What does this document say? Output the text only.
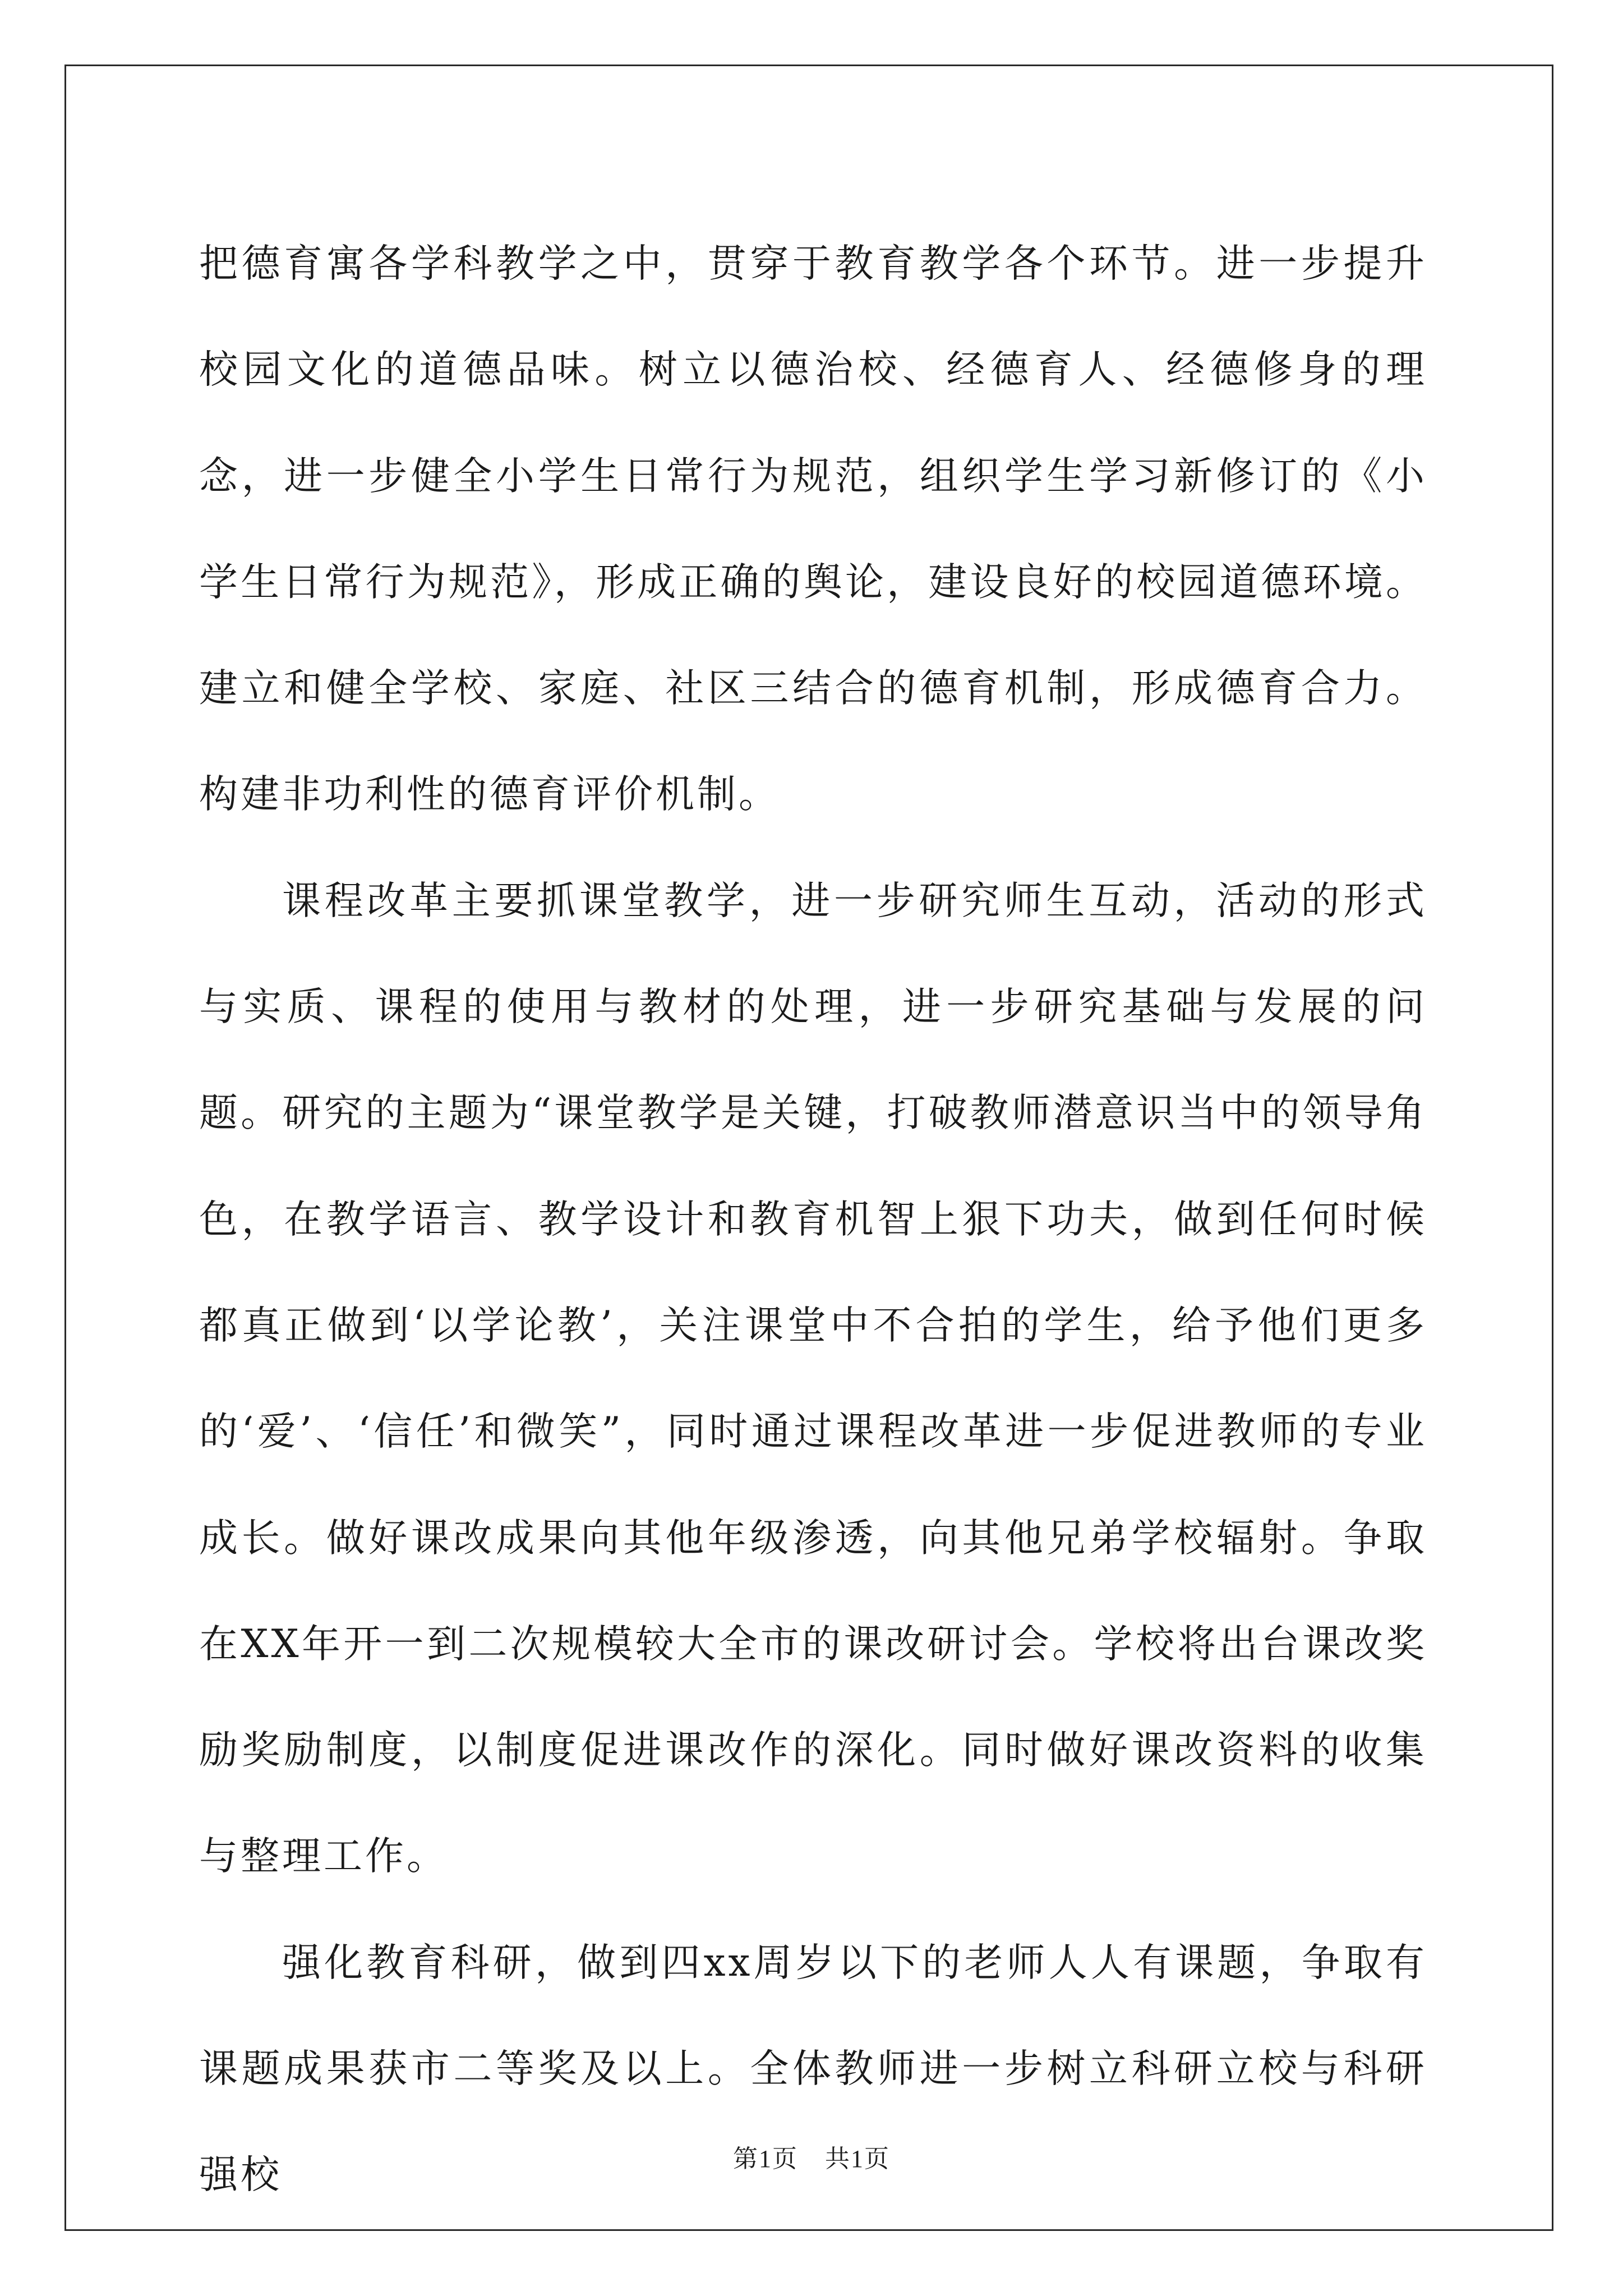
把德育寓各学科教学之中，贯穿于教育教学各个环节。进一步提升校园文化的道德品味。树立以德治校、经德育人、经德修身的理念，进一步健全小学生日常行为规范，组织学生学习新修订的《小学生日常行为规范》，形成正确的舆论，建设良好的校园道德环境。建立和健全学校、家庭、社区三结合的德育机制，形成德育合力。构建非功利性的德育评价机制。

课程改革主要抓课堂教学，进一步研究师生互动，活动的形式与实质、课程的使用与教材的处理，进一步研究基础与发展的问题。研究的主题为“课堂教学是关键，打破教师潜意识当中的领导角色，在教学语言、教学设计和教育机智上狠下功夫，做到任何时候都真正做到‘以学论教’，关注课堂中不合拍的学生，给予他们更多的‘爱’、‘信任’和微笑”，同时通过课程改革进一步促进教师的专业成长。做好课改成果向其他年级渗透，向其他兄弟学校辐射。争取在XX年开一到二次规模较大全市的课改研讨会。学校将出台课改奖励奖励制度，以制度促进课改作的深化。同时做好课改资料的收集与整理工作。

强化教育科研，做到四xx周岁以下的老师人人有课题，争取有课题成果获市二等奖及以上。全体教师进一步树立科研立校与科研强校	第1页 共1页
